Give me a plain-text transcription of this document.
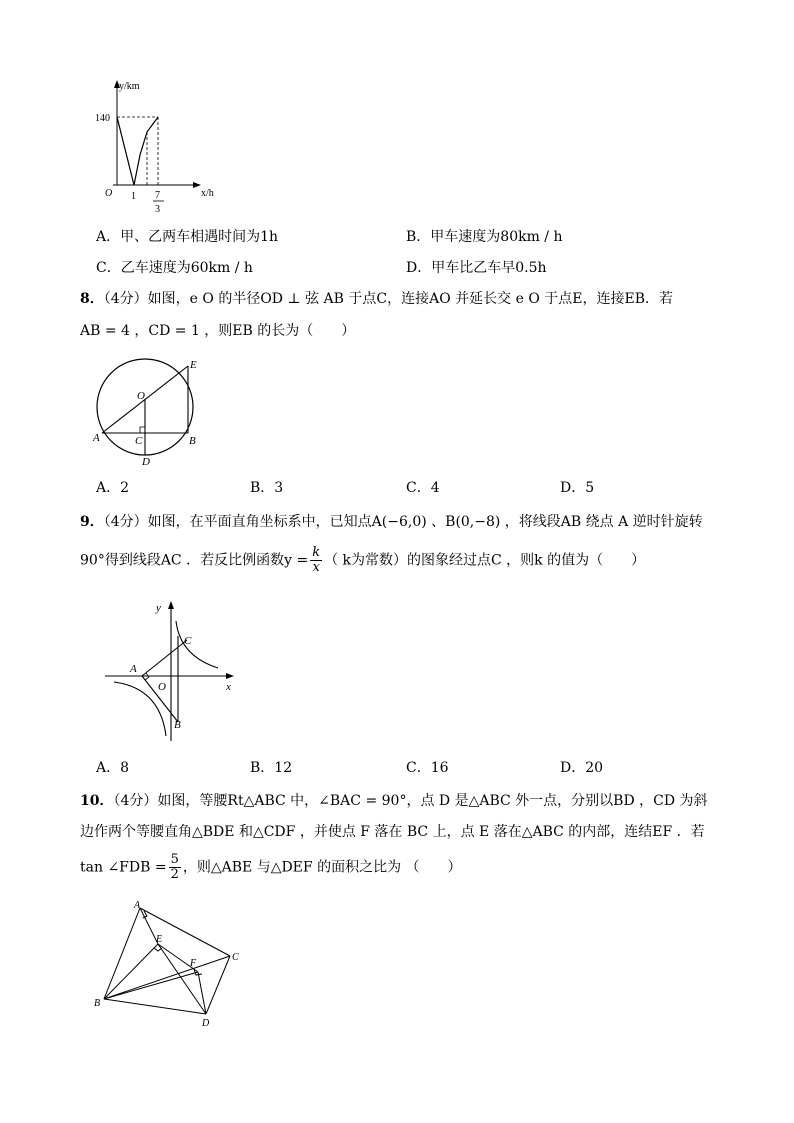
y/km
140
O 1 7
3
x/h
A．甲、乙两车相遇时间为1h	B．甲车速度为80km / h
C．乙车速度为60km / h	D．甲车比乙车早0.5h
8．（4分）如图，e O 的半径OD ⊥ 弦 AB 于点C，连接AO 并延长交 e O 于点E，连接EB．若
AB = 4 ，CD = 1 ，则EB 的长为（　　）
E
O
A	C	B
D
A．2	B．3	C．4	D．5
9．（4分）如图，在平面直角坐标系中，已知点A(−6,0) 、B(0,−8) ，将线段AB 绕点 A 逆时针旋转
90°得到线段AC ．若反比例函数$y = \frac{k}{x}$ （ k为常数）的图象经过点C ，则k 的值为（　　）
y
x
A
O
C
B
A．8	B．12	C．16	D．20
10．（4分）如图，等腰Rt△ABC 中，∠BAC = 90°，点 D 是△ABC 外一点，分别以BD ，CD 为斜
边作两个等腰直角△BDE 和△CDF ，并使点 F 落在 BC 上，点 E 落在△ABC 的内部，连结EF ．若
tan ∠FDB = $\frac{5}{2}$ ，则△ABE 与△DEF 的面积之比为 （　　）
A
E
F
C
B
D
